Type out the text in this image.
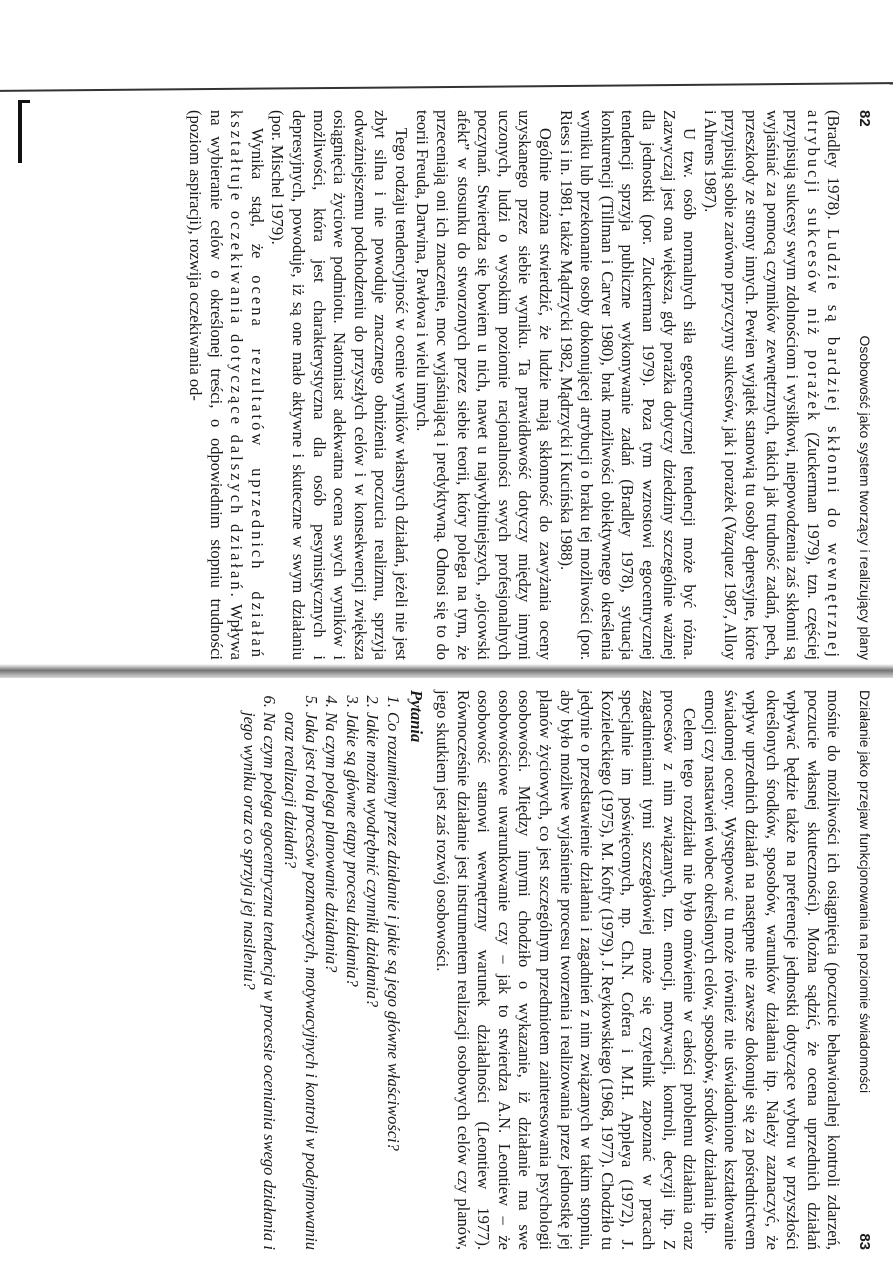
82
Osobowość jako system tworzący i realizujący plany

(Bradley 1978). Ludzie są bardziej skłonni do wewnętrznej atrybucji sukcesów niż porażek (Zuckerman 1979), tzn. częściej przypisują sukcesy swym zdolnościom i wysiłkowi, niepowodzenia zaś skłonni są wyjaśniać za pomocą czynników zewnętrznych, takich jak trudność zadań, pech, przeszkody ze strony innych. Pewien wyjątek stanowią tu osoby depresyjne, które przypisują sobie zarówno przyczyny sukcesów, jak i porażek (Vazquez 1987, Alloy i Ahrens 1987).

U tzw. osób normalnych siła egocentrycznej tendencji może być różna. Zazwyczaj jest ona większa, gdy porażka dotyczy dziedziny szczególnie ważnej dla jednostki (por. Zuckerman 1979). Poza tym wzrostowi egocentrycznej tendencji sprzyja publiczne wykonywanie zadań (Bradley 1978), sytuacja konkurencji (Tillman i Carver 1980), brak możliwości obiektywnego określenia wyniku lub przekonanie osoby dokonującej atrybucji o braku tej możliwości (por. Riess i in. 1981, także Mądrzycki 1982, Mądrzycki i Kucińska 1988).

Ogólnie można stwierdzić, że ludzie mają skłonność do zawyżania oceny uzyskanego przez siebie wyniku. Ta prawidłowość dotyczy między innymi uczonych, ludzi o wysokim poziomie racjonalności swych profesjonalnych poczynań. Stwierdza się bowiem u nich, nawet u najwybitniejszych, „ojcowski afekt” w stosunku do stworzonych przez siebie teorii, który polega na tym, że przeceniają oni ich znaczenie, moc wyjaśniającą i predyktywną. Odnosi się to do teorii Freuda, Darwina, Pawłowa i wielu innych.

Tego rodzaju tendencyjność w ocenie wyników własnych działań, jeżeli nie jest zbyt silna i nie powoduje znacznego obniżenia poczucia realizmu, sprzyja odważniejszemu podchodzeniu do przyszłych celów i w konsekwencji zwiększa osiągnięcia życiowe podmiotu. Natomiast adekwatna ocena swych wyników i możliwości, która jest charakterystyczna dla osób pesymistycznych i depresyjnych, powoduje, iż są one mało aktywne i skuteczne w swym działaniu (por. Mischel 1979).

Wynika stąd, że ocena rezultatów uprzednich działań kształtuje oczekiwania dotyczące dalszych działań. Wpływa na wybieranie celów o określonej treści, o odpowiednim stopniu trudności (poziom aspiracji), rozwija oczekiwania od-

Działanie jako przejaw funkcjonowania na poziomie świadomości
83

mośnie do możliwości ich osiągnięcia (poczucie behawioralnej kontroli zdarzeń, poczucie własnej skuteczności). Można sądzić, że ocena uprzednich działań wpływać będzie także na preferencje jednostki dotyczące wyboru w przyszłości określonych środków, sposobów, warunków działania itp. Należy zaznaczyć, że wpływ uprzednich działań na następne nie zawsze dokonuje się za pośrednictwem świadomej oceny. Występować tu może również nie uświadomione kształtowanie emocji czy nastawień wobec określonych celów, sposobów, środków działania itp.

Celem tego rozdziału nie było omówienie w całości problemu działania oraz procesów z nim związanych, tzn. emocji, motywacji, kontroli, decyzji itp. Z zagadnieniami tymi szczegółowiej może się czytelnik zapoznać w pracach specjalnie im poświęconych, np. Ch.N. Cofera i M.H. Appleya (1972), J. Kozieleckiego (1975), M. Kofty (1979), J. Reykowskiego (1968, 1977). Chodziło tu jedynie o przedstawienie działania i zagadnień z nim związanych w takim stopniu, aby było możliwe wyjaśnienie procesu tworzenia i realizowania przez jednostkę jej planów życiowych, co jest szczególnym przedmiotem zainteresowania psychologii osobowości. Między innymi chodziło o wykazanie, iż działanie ma swe osobowościowe uwarunkowanie czy – jak to stwierdza A.N. Leontiew – że osobowość stanowi wewnętrzny warunek działalności (Leontiew 1977). Równocześnie działanie jest instrumentem realizacji osobowych celów czy planów, jego skutkiem jest zaś rozwój osobowości.

Pytania
1. Co rozumiemy przez działanie i jakie są jego główne właściwości?
2. Jakie można wyodrębnić czynniki działania?
3. Jakie są główne etapy procesu działania?
4. Na czym polega planowanie działania?
5. Jaka jest rola procesów poznawczych, motywacyjnych i kontroli w podejmowaniu oraz realizacji działań?
6. Na czym polega egocentryczna tendencja w procesie oceniania swego działania i jego wyniku oraz co sprzyja jej nasileniu?
